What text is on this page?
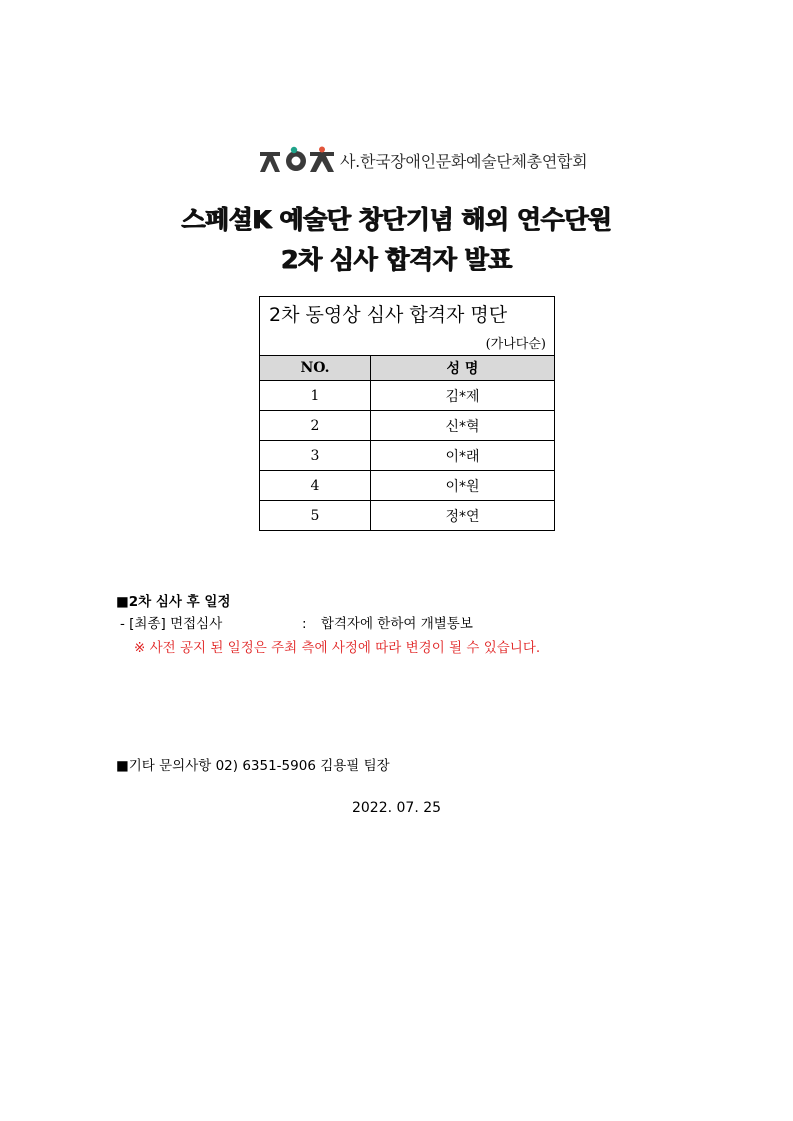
사.한국장애인문화예술단체총연합회
스페셜K 예술단 창단기념 해외 연수단원
2차 심사 합격자 발표
2차 동영상 심사 합격자 명단
(가나다순)	

NO.	성 명
1	김*제
2	신*혁
3	이*래
4	이*원
5	정*연
■2차 심사 후 일정
- [최종] 면접심사	: 합격자에 한하여 개별통보
※ 사전 공지 된 일정은 주최 측에 사정에 따라 변경이 될 수 있습니다.
■기타 문의사항 02) 6351-5906 김용필 팀장
2022. 07. 25
